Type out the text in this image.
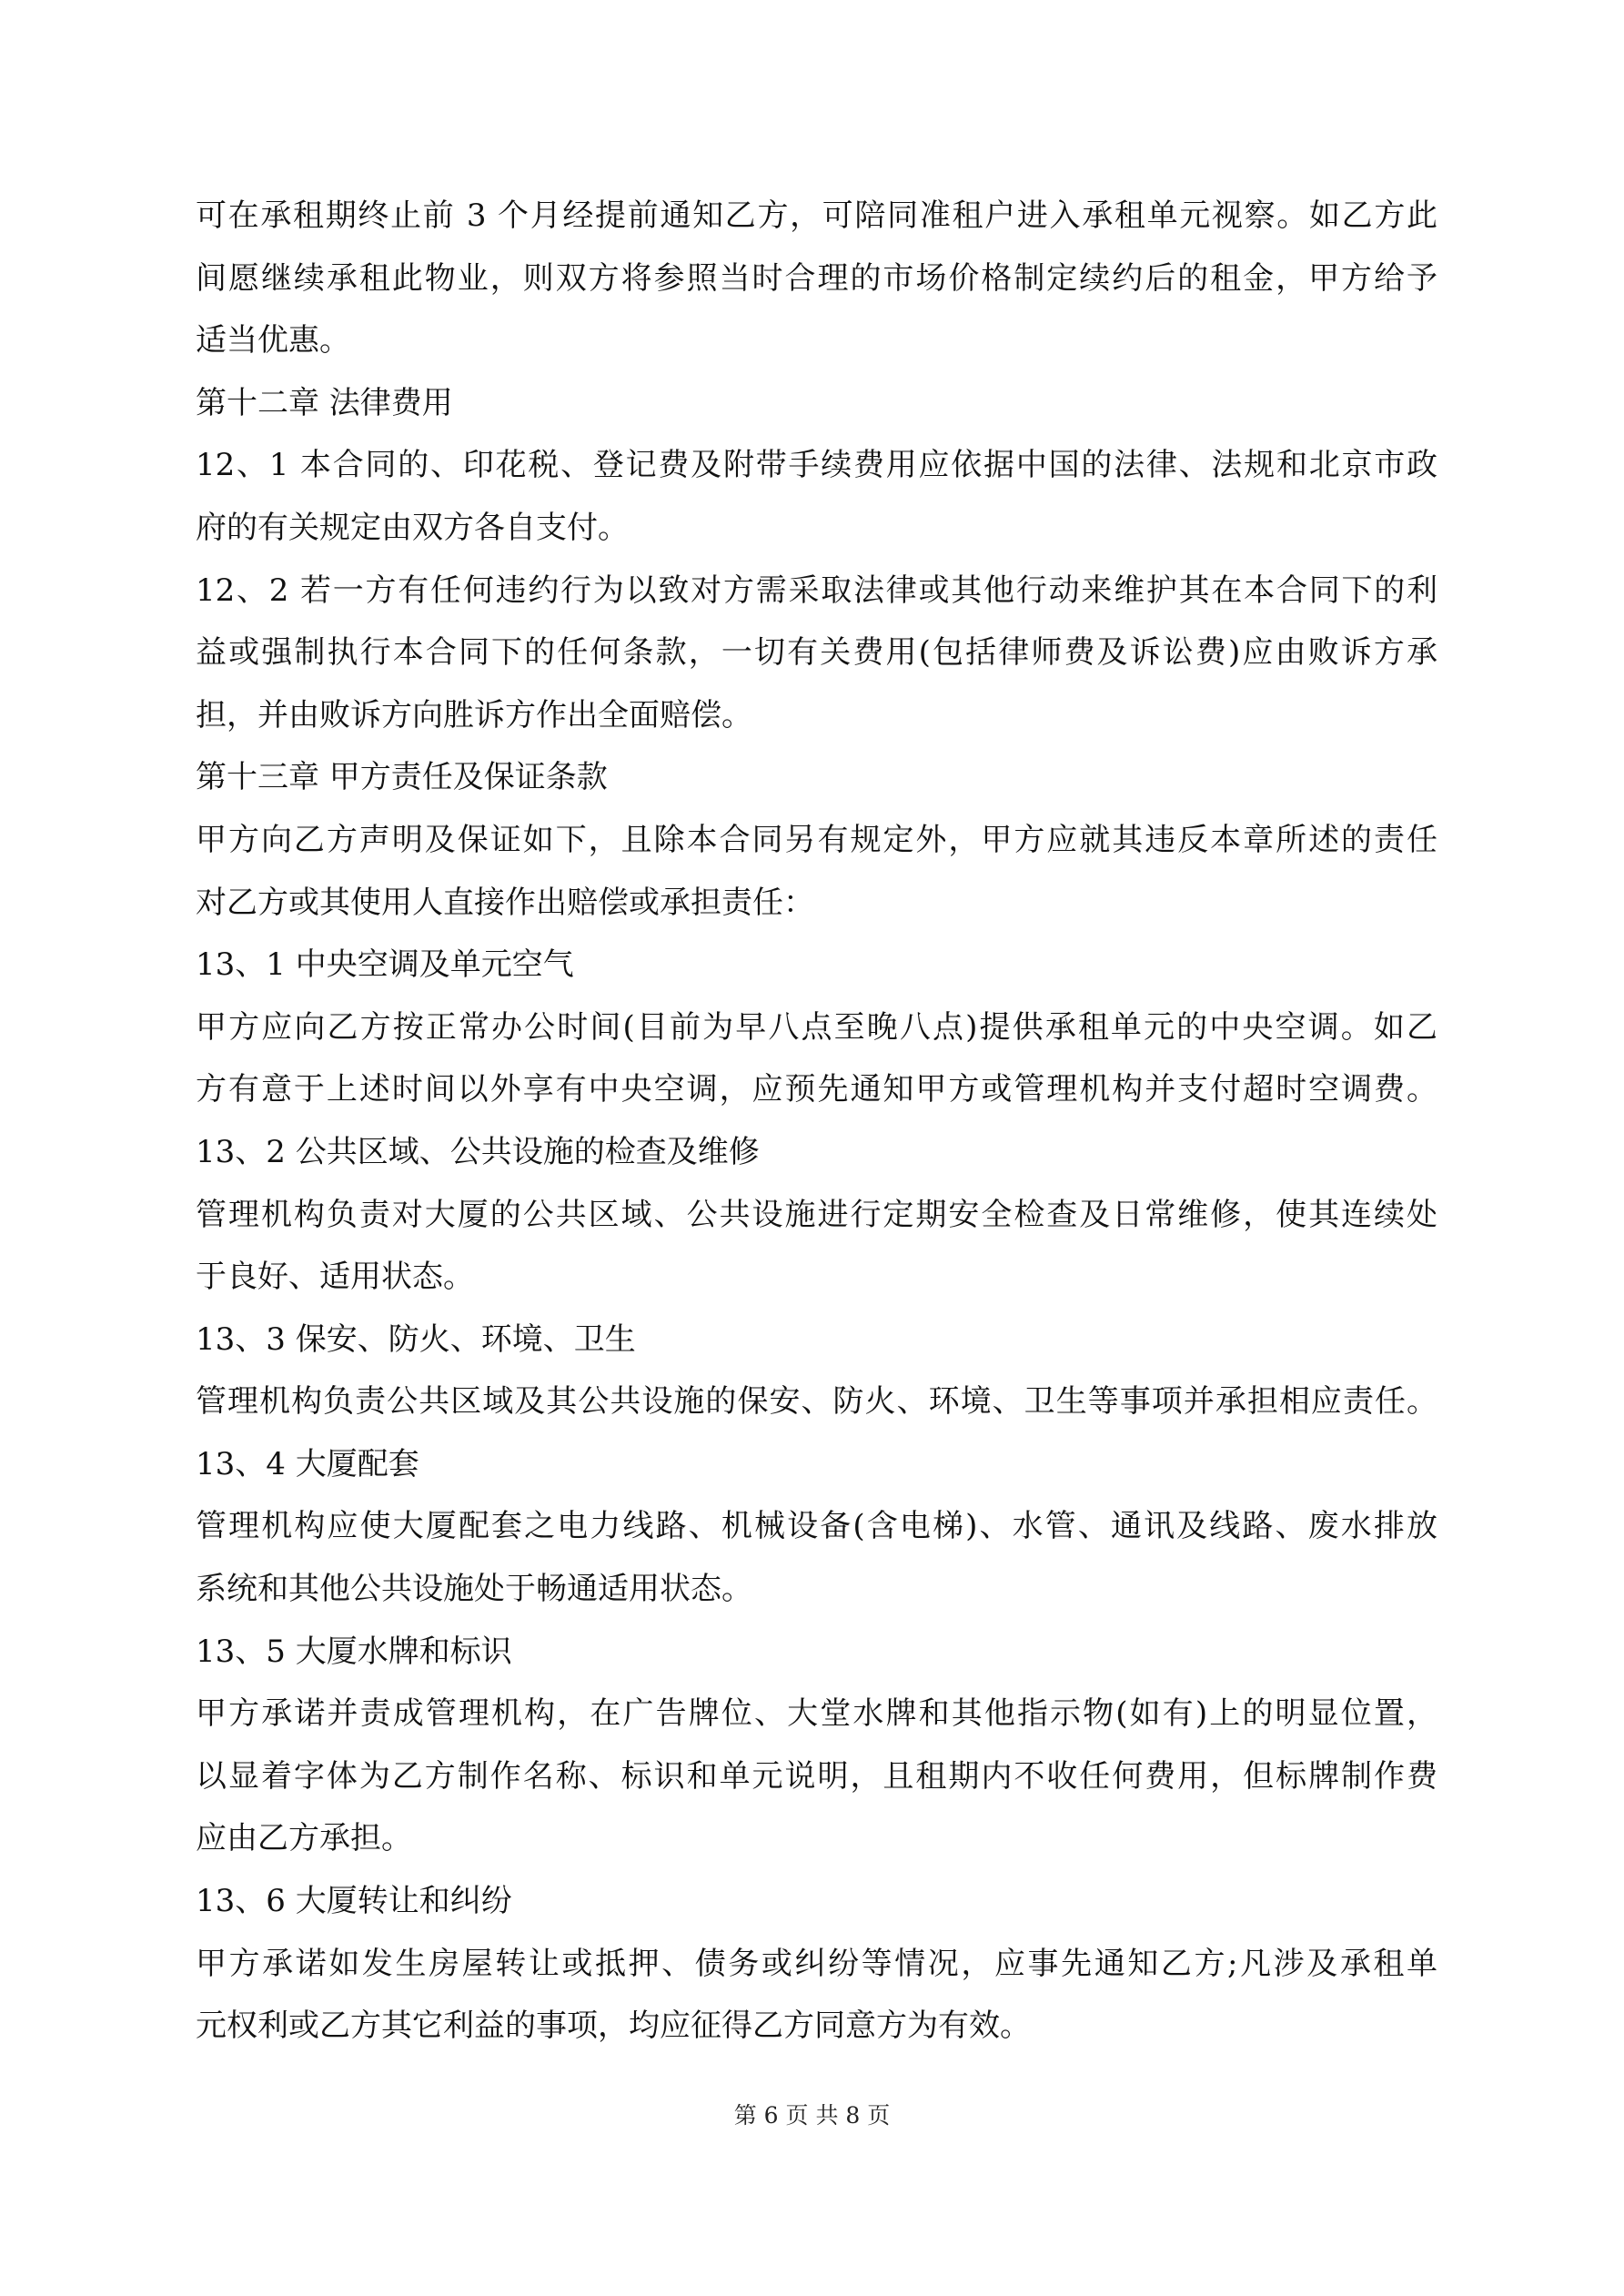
可在承租期终止前 3 个月经提前通知乙方，可陪同准租户进入承租单元视察。如乙方此
间愿继续承租此物业，则双方将参照当时合理的市场价格制定续约后的租金，甲方给予
适当优惠。
第十二章 法律费用
12、1 本合同的、印花税、登记费及附带手续费用应依据中国的法律、法规和北京市政
府的有关规定由双方各自支付。
12、2 若一方有任何违约行为以致对方需采取法律或其他行动来维护其在本合同下的利
益或强制执行本合同下的任何条款，一切有关费用(包括律师费及诉讼费)应由败诉方承
担，并由败诉方向胜诉方作出全面赔偿。
第十三章 甲方责任及保证条款
甲方向乙方声明及保证如下，且除本合同另有规定外，甲方应就其违反本章所述的责任
对乙方或其使用人直接作出赔偿或承担责任：
13、1 中央空调及单元空气
甲方应向乙方按正常办公时间(目前为早八点至晚八点)提供承租单元的中央空调。如乙
方有意于上述时间以外享有中央空调，应预先通知甲方或管理机构并支付超时空调费。
13、2 公共区域、公共设施的检查及维修
管理机构负责对大厦的公共区域、公共设施进行定期安全检查及日常维修，使其连续处
于良好、适用状态。
13、3 保安、防火、环境、卫生
管理机构负责公共区域及其公共设施的保安、防火、环境、卫生等事项并承担相应责任。
13、4 大厦配套
管理机构应使大厦配套之电力线路、机械设备(含电梯)、水管、通讯及线路、废水排放
系统和其他公共设施处于畅通适用状态。
13、5 大厦水牌和标识
甲方承诺并责成管理机构，在广告牌位、大堂水牌和其他指示物(如有)上的明显位置，
以显着字体为乙方制作名称、标识和单元说明，且租期内不收任何费用，但标牌制作费
应由乙方承担。
13、6 大厦转让和纠纷
甲方承诺如发生房屋转让或抵押、债务或纠纷等情况，应事先通知乙方;凡涉及承租单
元权利或乙方其它利益的事项，均应征得乙方同意方为有效。
第 6 页 共 8 页
